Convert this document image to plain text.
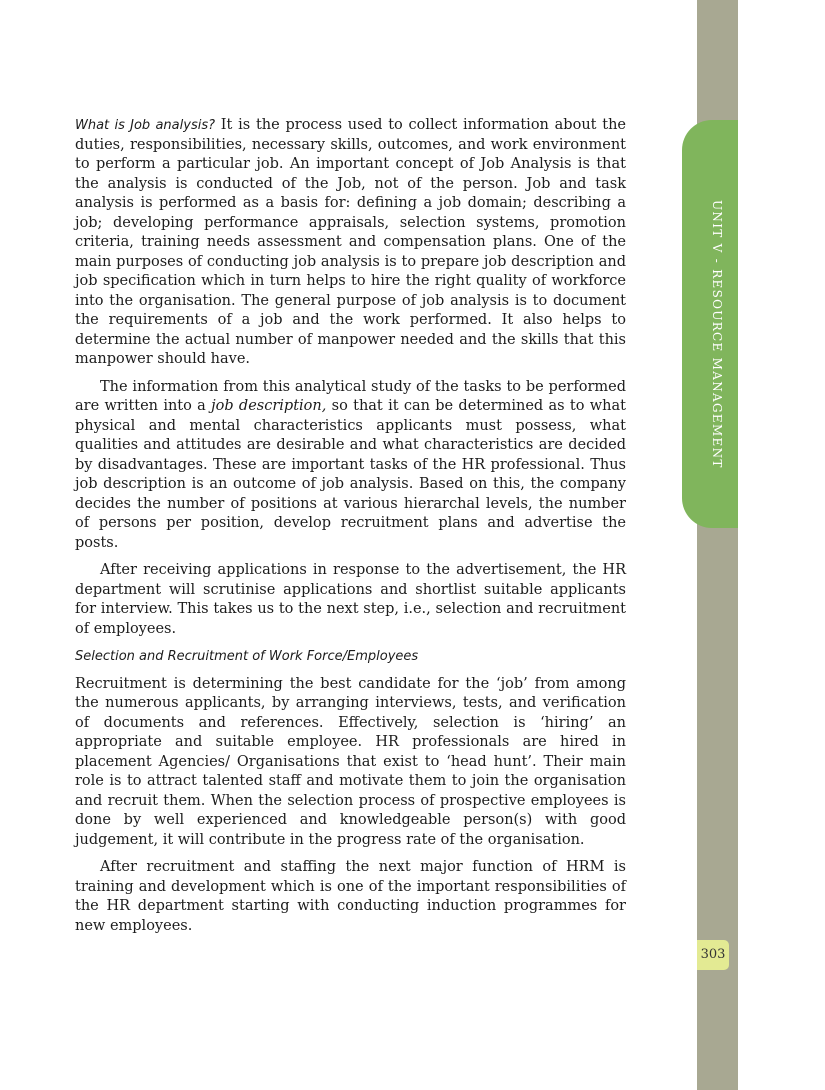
UNIT V - RESOURCE MANAGEMENT
303

What is Job analysis? It is the process used to collect information about the duties, responsibilities, necessary skills, outcomes, and work environment to perform a particular job. An important concept of Job Analysis is that the analysis is conducted of the Job, not of the person. Job and task analysis is performed as a basis for: defining a job domain; describing a job; developing performance appraisals, selection systems, promotion criteria, training needs assessment and compensation plans. One of the main purposes of conducting job analysis is to prepare job description and job specification which in turn helps to hire the right quality of workforce into the organisation. The general purpose of job analysis is to document the requirements of a job and the work performed. It also helps to determine the actual number of manpower needed and the skills that this manpower should have.

The information from this analytical study of the tasks to be performed are written into a job description, so that it can be determined as to what physical and mental characteristics applicants must possess, what qualities and attitudes are desirable and what characteristics are decided by disadvantages. These are important tasks of the HR professional. Thus job description is an outcome of job analysis. Based on this, the company decides the number of positions at various hierarchal levels, the number of persons per position, develop recruitment plans and advertise the posts.

After receiving applications in response to the advertisement, the HR department will scrutinise applications and shortlist suitable applicants for interview. This takes us to the next step, i.e., selection and recruitment of employees.

Selection and Recruitment of Work Force/Employees

Recruitment is determining the best candidate for the ‘job’ from among the numerous applicants, by arranging interviews, tests, and verification of documents and references. Effectively, selection is ‘hiring’ an appropriate and suitable employee. HR professionals are hired in placement Agencies/ Organisations that exist to ‘head hunt’. Their main role is to attract talented staff and motivate them to join the organisation and recruit them. When the selection process of prospective employees is done by well experienced and knowledgeable person(s) with good judgement, it will contribute in the progress rate of the organisation.

After recruitment and staffing the next major function of HRM is training and development which is one of the important responsibilities of the HR department starting with conducting induction programmes for new employees.
